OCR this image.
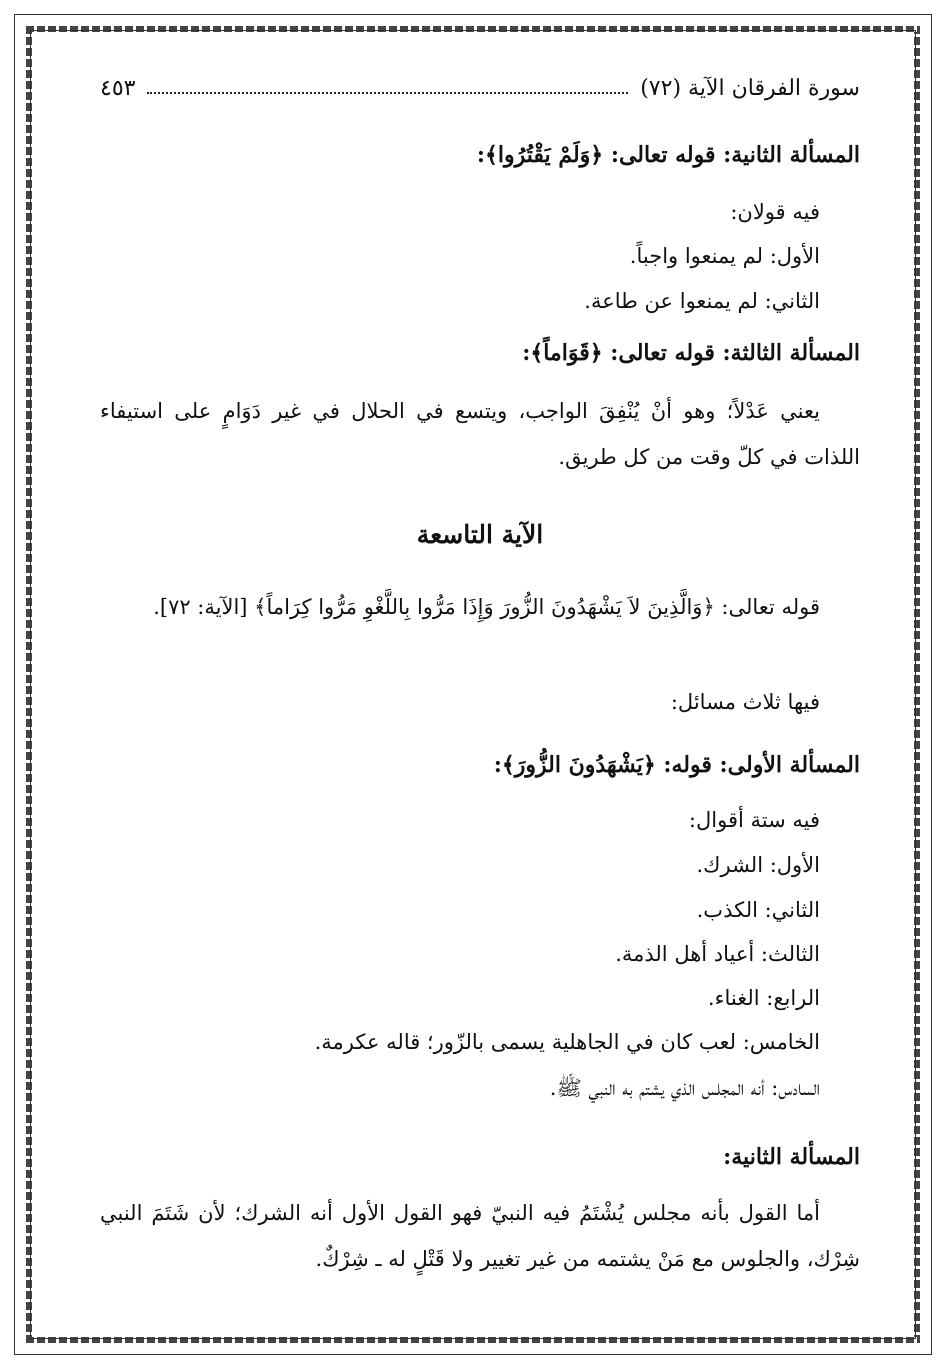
سورة الفرقان الآية (٧٢)
٤٥٣
المسألة الثانية: قوله تعالى: ﴿وَلَمْ يَقْتُرُوا﴾:
فيه قولان:
الأول: لم يمنعوا واجباً.
الثاني: لم يمنعوا عن طاعة.
المسألة الثالثة: قوله تعالى: ﴿قَوَاماً﴾:
يعني عَدْلاً؛ وهو أنْ يُنْفِقَ الواجب، ويتسع في الحلال في غير دَوَامٍ على استيفاء اللذات في كلّ وقت من كل طريق.
الآية التاسعة
قوله تعالى: ﴿وَالَّذِينَ لاَ يَشْهَدُونَ الزُّورَ وَإِذَا مَرُّوا بِاللَّغْوِ مَرُّوا كِرَاماً﴾ [الآية: ٧٢].
فيها ثلاث مسائل:
المسألة الأولى: قوله: ﴿يَشْهَدُونَ الزُّورَ﴾:
فيه ستة أقوال:
الأول: الشرك.
الثاني: الكذب.
الثالث: أعياد أهل الذمة.
الرابع: الغناء.
الخامس: لعب كان في الجاهلية يسمى بالزّور؛ قاله عكرمة.
السادس: أنه المجلس الذي يشتم به النبي ﷺ.
المسألة الثانية:
أما القول بأنه مجلس يُشْتَمُ فيه النبيّ فهو القول الأول أنه الشرك؛ لأن شَتَمَ النبي شِرْك، والجلوس مع مَنْ يشتمه من غير تغيير ولا قَتْلٍ له ـ شِرْكٌ.
